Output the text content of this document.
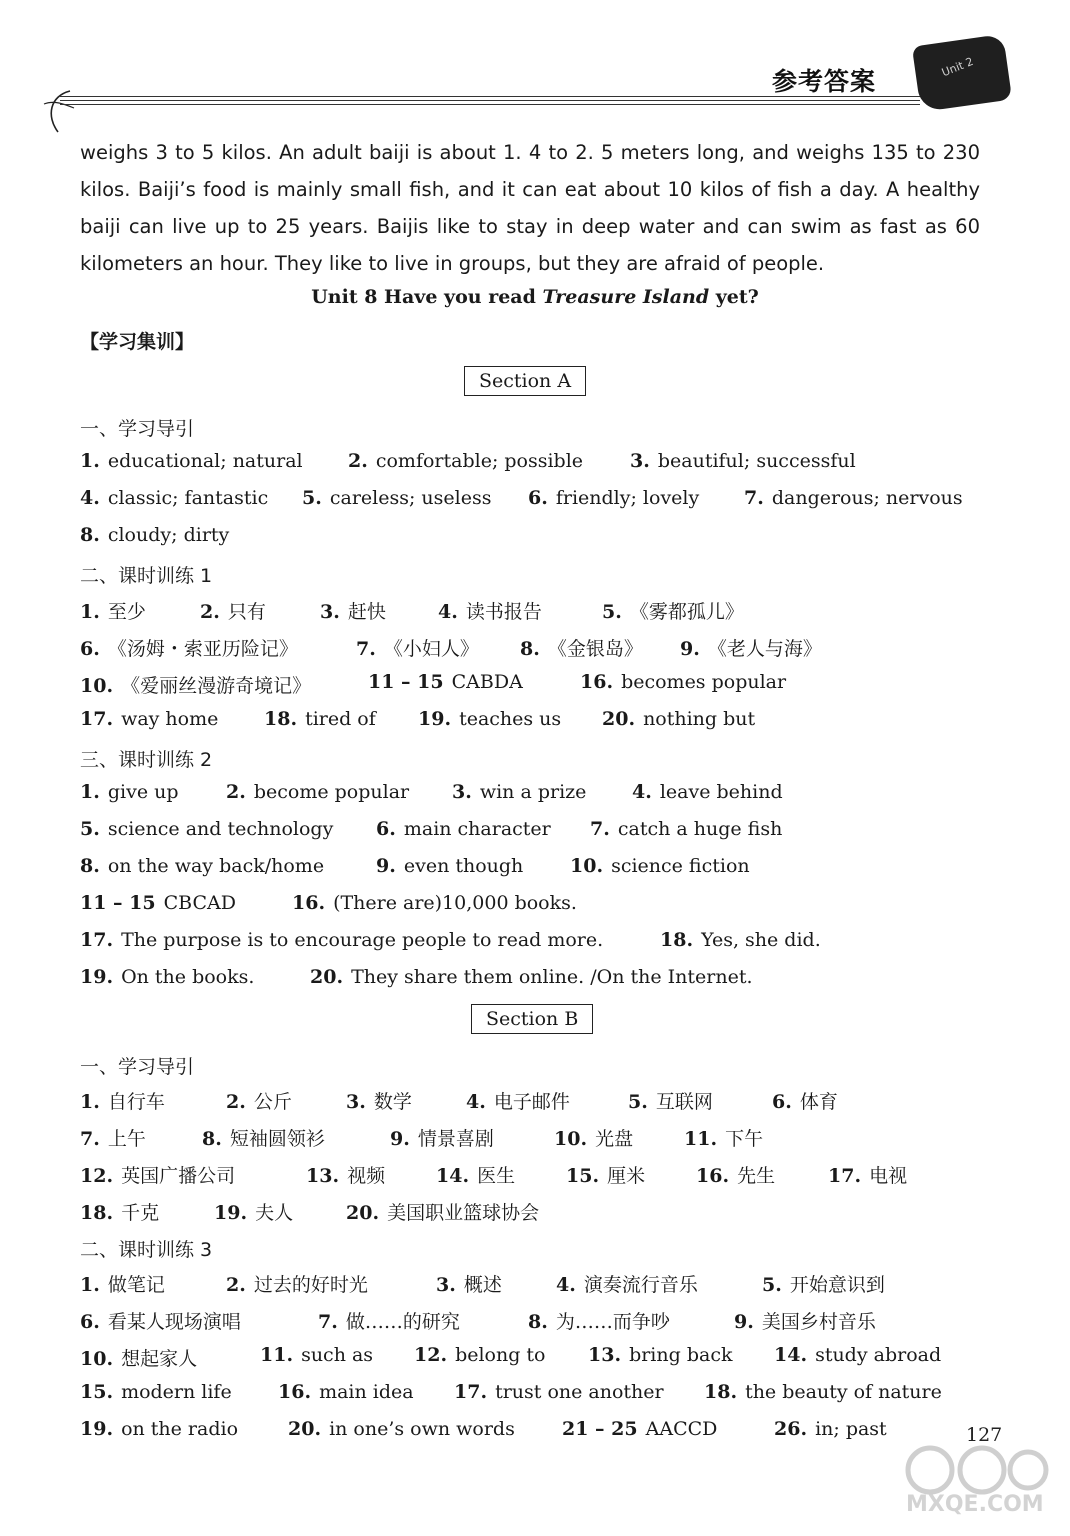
参考答案	Unit 2
weighs 3 to 5 kilos. An adult baiji is about 1. 4 to 2. 5 meters long, and weighs 135 to 230 kilos. Baiji’s food is mainly small fish, and it can eat about 10 kilos of fish a day. A healthy baiji can live up to 25 years. Baijis like to stay in deep water and can swim as fast as 60 kilometers an hour. They like to live in groups, but they are afraid of people.
Unit 8 Have you read Treasure Island yet?
【学习集训】
Section A
一、学习导引
1. educational; natural 2. comfortable; possible 3. beautiful; successful
4. classic; fantastic 5. careless; useless 6. friendly; lovely 7. dangerous; nervous
8. cloudy; dirty
二、课时训练 1
1. 至少	2. 只有	3. 赶快	4. 读书报告	5. 《雾都孤儿》
6. 《汤姆・索亚历险记》	7. 《小妇人》 8. 《金银岛》 9. 《老人与海》
10. 《爱丽丝漫游奇境记》	11 – 15 CABDA	16. becomes popular
17. way home 18. tired of 19. teaches us 20. nothing but
三、课时训练 2
1. give up	2. become popular 3. win a prize 4. leave behind
5. science and technology 6. main character 7. catch a huge fish
8. on the way back/home	9. even though 10. science fiction
11 – 15 CBCAD	16. (There are)10,000 books.
17. The purpose is to encourage people to read more.	18. Yes, she did.
19. On the books.	20. They share them online. /On the Internet.
Section B
一、学习导引
1. 自行车	2. 公斤	3. 数学	4. 电子邮件	5. 互联网	6. 体育
7. 上午	8. 短袖圆领衫	9. 情景喜剧	10. 光盘	11. 下午
12. 英国广播公司	13. 视频	14. 医生	15. 厘米	16. 先生	17. 电视
18. 千克	19. 夫人	20. 美国职业篮球协会
二、课时训练 3
1. 做笔记	2. 过去的好时光	3. 概述	4. 演奏流行音乐	5. 开始意识到
6. 看某人现场演唱	7. 做……的研究	8. 为……而争吵	9. 美国乡村音乐
10. 想起家人	11. such as 12. belong to 13. bring back 14. study abroad
15. modern life 16. main idea 17. trust one another 18. the beauty of nature
19. on the radio	20. in one’s own words 21 – 25 AACCD	26. in; past	127
MXQE.COM
